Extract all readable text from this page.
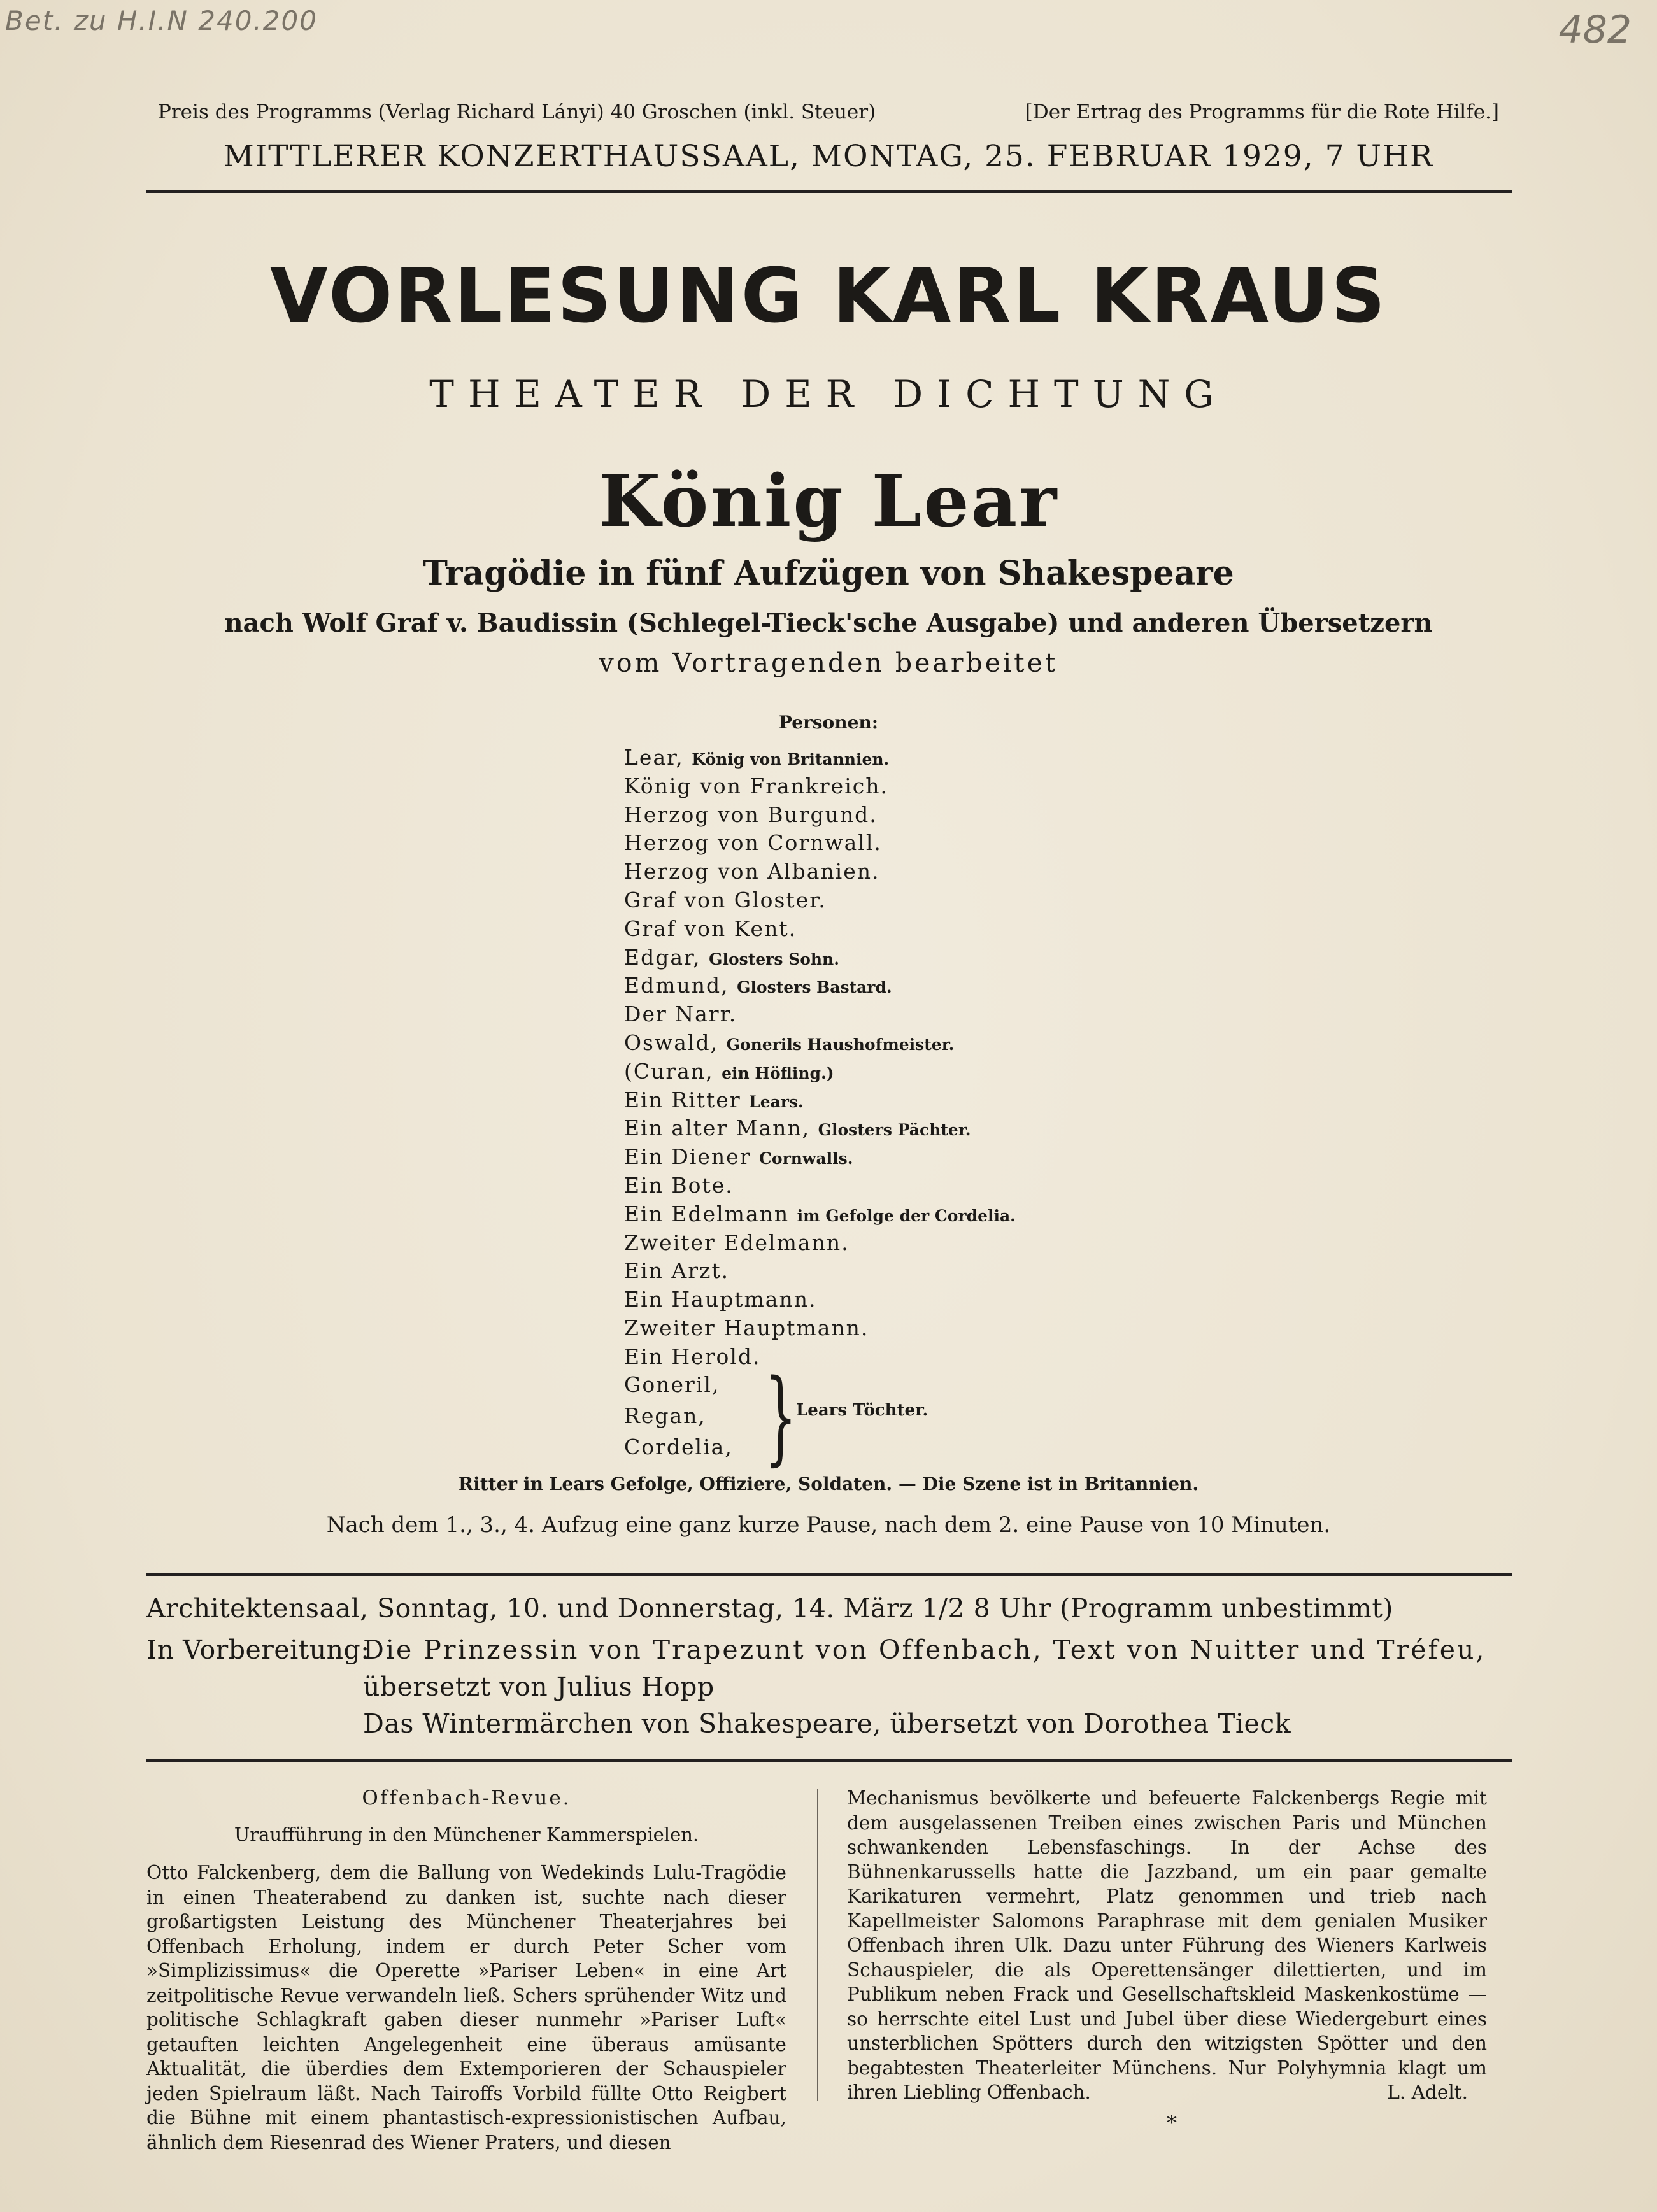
Bet. zu H.I.N 240.200	482
Preis des Programms (Verlag Richard Lányi) 40 Groschen (inkl. Steuer)	[Der Ertrag des Programms für die Rote Hilfe.]
MITTLERER KONZERTHAUSSAAL, MONTAG, 25. FEBRUAR 1929, 7 UHR
VORLESUNG KARL KRAUS
THEATER DER DICHTUNG
König Lear
Tragödie in fünf Aufzügen von Shakespeare
nach Wolf Graf v. Baudissin (Schlegel-Tieck'sche Ausgabe) und anderen Übersetzern
vom Vortragenden bearbeitet
Personen:
Lear, König von Britannien.
König von Frankreich.
Herzog von Burgund.
Herzog von Cornwall.
Herzog von Albanien.
Graf von Gloster.
Graf von Kent.
Edgar, Glosters Sohn.
Edmund, Glosters Bastard.
Der Narr.
Oswald, Gonerils Haushofmeister.
(Curan, ein Höfling.)
Ein Ritter Lears.
Ein alter Mann, Glosters Pächter.
Ein Diener Cornwalls.
Ein Bote.
Ein Edelmann im Gefolge der Cordelia.
Zweiter Edelmann.
Ein Arzt.
Ein Hauptmann.
Zweiter Hauptmann.
Ein Herold.
Goneril,
Regan,
Cordelia, }
Lears Töchter.
Ritter in Lears Gefolge, Offiziere, Soldaten. — Die Szene ist in Britannien.
Nach dem 1., 3., 4. Aufzug eine ganz kurze Pause, nach dem 2. eine Pause von 10 Minuten.
Architektensaal, Sonntag, 10. und Donnerstag, 14. März 1/2 8 Uhr (Programm unbestimmt)
In Vorbereitung:
Die Prinzessin von Trapezunt von Offenbach, Text von Nuitter und Tréfeu,
übersetzt von Julius Hopp
Das Wintermärchen von Shakespeare, übersetzt von Dorothea Tieck
Offenbach-Revue.
Uraufführung in den Münchener Kammerspielen.
Otto Falckenberg, dem die Ballung von Wedekinds Lulu-Tragödie in einen Theaterabend zu danken ist, suchte nach dieser großartigsten Leistung des Münchener Theaterjahres bei Offenbach Erholung, indem er durch Peter Scher vom »Simplizissimus« die Operette »Pariser Leben« in eine Art zeitpolitische Revue verwandeln ließ. Schers sprühender Witz und politische Schlagkraft gaben dieser nunmehr »Pariser Luft« getauften leichten Angelegenheit eine überaus amüsante Aktualität, die überdies dem Extemporieren der Schauspieler jeden Spielraum läßt. Nach Tairoffs Vorbild füllte Otto Reigbert die Bühne mit einem phantastisch-expressionistischen Aufbau, ähnlich dem Riesenrad des Wiener Praters, und diesen
Mechanismus bevölkerte und befeuerte Falckenbergs Regie mit dem ausgelassenen Treiben eines zwischen Paris und München schwankenden Lebensfaschings. In der Achse des Bühnenkarussells hatte die Jazzband, um ein paar gemalte Karikaturen vermehrt, Platz genommen und trieb nach Kapellmeister Salomons Paraphrase mit dem genialen Musiker Offenbach ihren Ulk. Dazu unter Führung des Wieners Karlweis Schauspieler, die als Operettensänger dilettierten, und im Publikum neben Frack und Gesellschaftskleid Maskenkostüme — so herrschte eitel Lust und Jubel über diese Wiedergeburt eines unsterblichen Spötters durch den witzigsten Spötter und den begabtesten Theaterleiter Münchens. Nur Polyhymnia klagt um ihren Liebling Offenbach.	L. Adelt.
*
